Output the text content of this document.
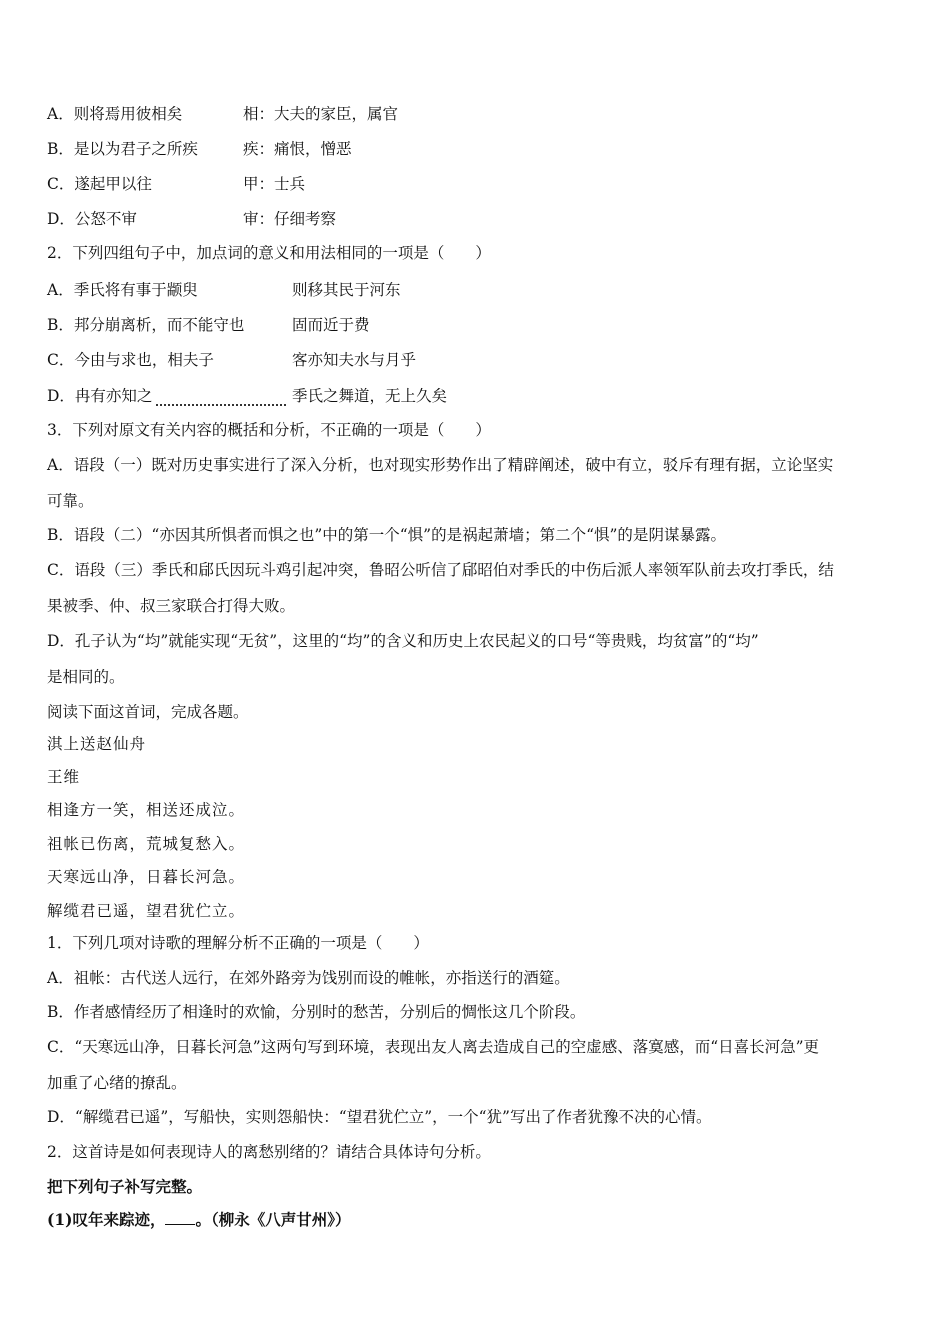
A．则将焉用彼相矣	相：大夫的家臣，属官
B．是以为君子之所疾	疾：痛恨，憎恶
C．遂起甲以往	甲：士兵
D．公怒不审	审：仔细考察
2．下列四组句子中，加点词的意义和用法相同的一项是（　　）
A．季氏将有事于颛臾	则移其民于河东
B．邦分崩离析，而不能守也	固而近于费
C．今由与求也，相夫子	客亦知夫水与月乎
D．冉有亦知之	季氏之舞道，无上久矣
3．下列对原文有关内容的概括和分析，不正确的一项是（　　）
A．语段（一）既对历史事实进行了深入分析，也对现实形势作出了精辟阐述，破中有立，驳斥有理有据，立论坚实
可靠。
B．语段（二）“亦因其所惧者而惧之也”中的第一个“惧”的是祸起萧墙；第二个“惧”的是阴谋暴露。
C．语段（三）季氏和郈氏因玩斗鸡引起冲突，鲁昭公听信了郈昭伯对季氏的中伤后派人率领军队前去攻打季氏，结
果被季、仲、叔三家联合打得大败。
D．孔子认为“均”就能实现“无贫”，这里的“均”的含义和历史上农民起义的口号“等贵贱，均贫富”的“均”
是相同的。
阅读下面这首词，完成各题。
淇上送赵仙舟
王维
相逢方一笑，相送还成泣。
祖帐已伤离，荒城复愁入。
天寒远山净，日暮长河急。
解缆君已遥，望君犹伫立。
1．下列几项对诗歌的理解分析不正确的一项是（　　）
A．祖帐：古代送人远行，在郊外路旁为饯别而设的帷帐，亦指送行的酒筵。
B．作者感情经历了相逢时的欢愉，分别时的愁苦，分别后的惆怅这几个阶段。
C．“天寒远山净，日暮长河急”这两句写到环境，表现出友人离去造成自己的空虚感、落寞感，而“日喜长河急”更
加重了心绪的撩乱。
D．“解缆君已遥”，写船快，实则怨船快：“望君犹伫立”，一个“犹”写出了作者犹豫不决的心情。
2．这首诗是如何表现诗人的离愁别绪的？请结合具体诗句分析。
把下列句子补写完整。
(1)叹年来踪迹， 。（柳永《八声甘州》）
